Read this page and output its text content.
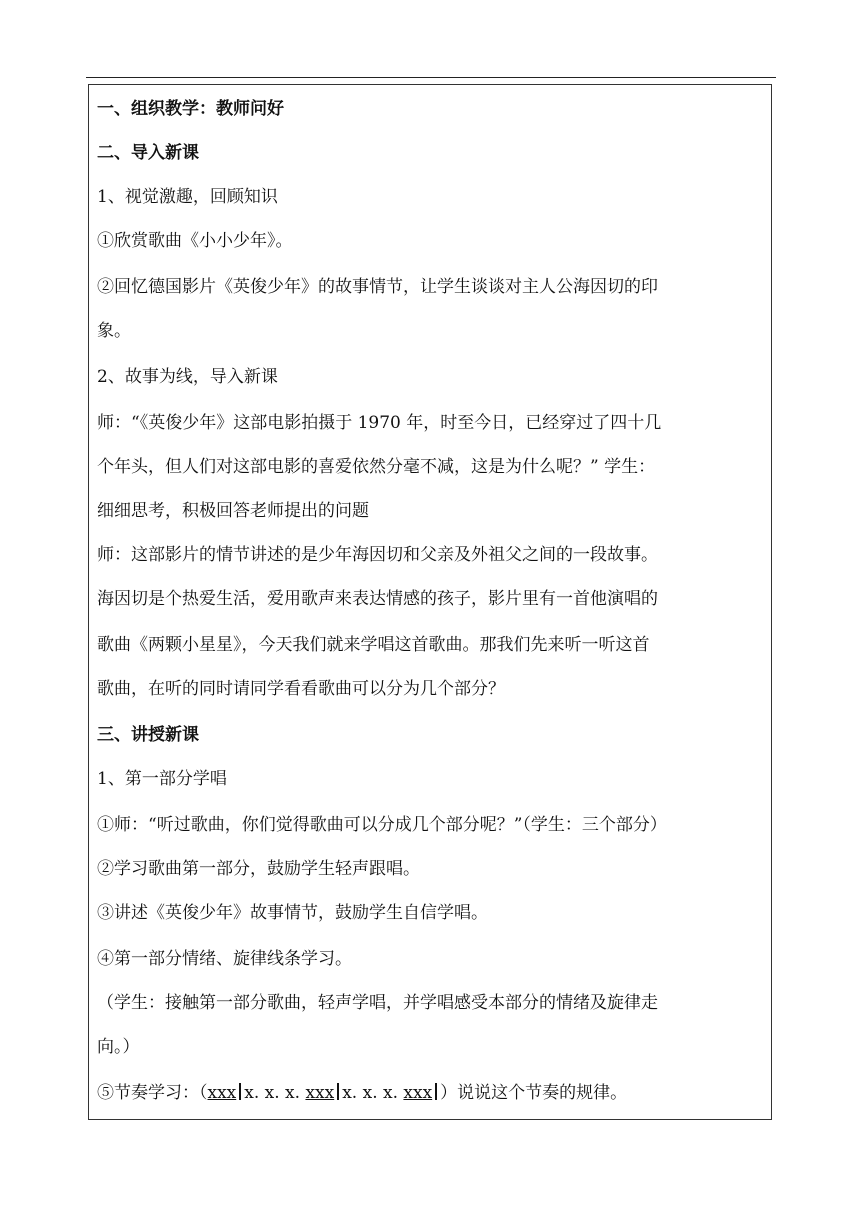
一、组织教学：教师问好
二、导入新课
1、视觉激趣，回顾知识
①欣赏歌曲《小小少年》。
②回忆德国影片《英俊少年》的故事情节，让学生谈谈对主人公海因切的印
象。
2、故事为线，导入新课
师：“《英俊少年》这部电影拍摄于 1970 年，时至今日，已经穿过了四十几
个年头，但人们对这部电影的喜爱依然分毫不减，这是为什么呢？” 学生：
细细思考，积极回答老师提出的问题
师：这部影片的情节讲述的是少年海因切和父亲及外祖父之间的一段故事。
海因切是个热爱生活，爱用歌声来表达情感的孩子，影片里有一首他演唱的
歌曲《两颗小星星》，今天我们就来学唱这首歌曲。那我们先来听一听这首
歌曲，在听的同时请同学看看歌曲可以分为几个部分？
三、讲授新课
1、第一部分学唱
①师：“听过歌曲，你们觉得歌曲可以分成几个部分呢？”（学生：三个部分）
②学习歌曲第一部分，鼓励学生轻声跟唱。
③讲述《英俊少年》故事情节，鼓励学生自信学唱。
④第一部分情绪、旋律线条学习。
（学生：接触第一部分歌曲，轻声学唱，并学唱感受本部分的情绪及旋律走
向。）
⑤节奏学习：（xxx x. x. x. xxx x. x. x. xxx ）说说这个节奏的规律。
